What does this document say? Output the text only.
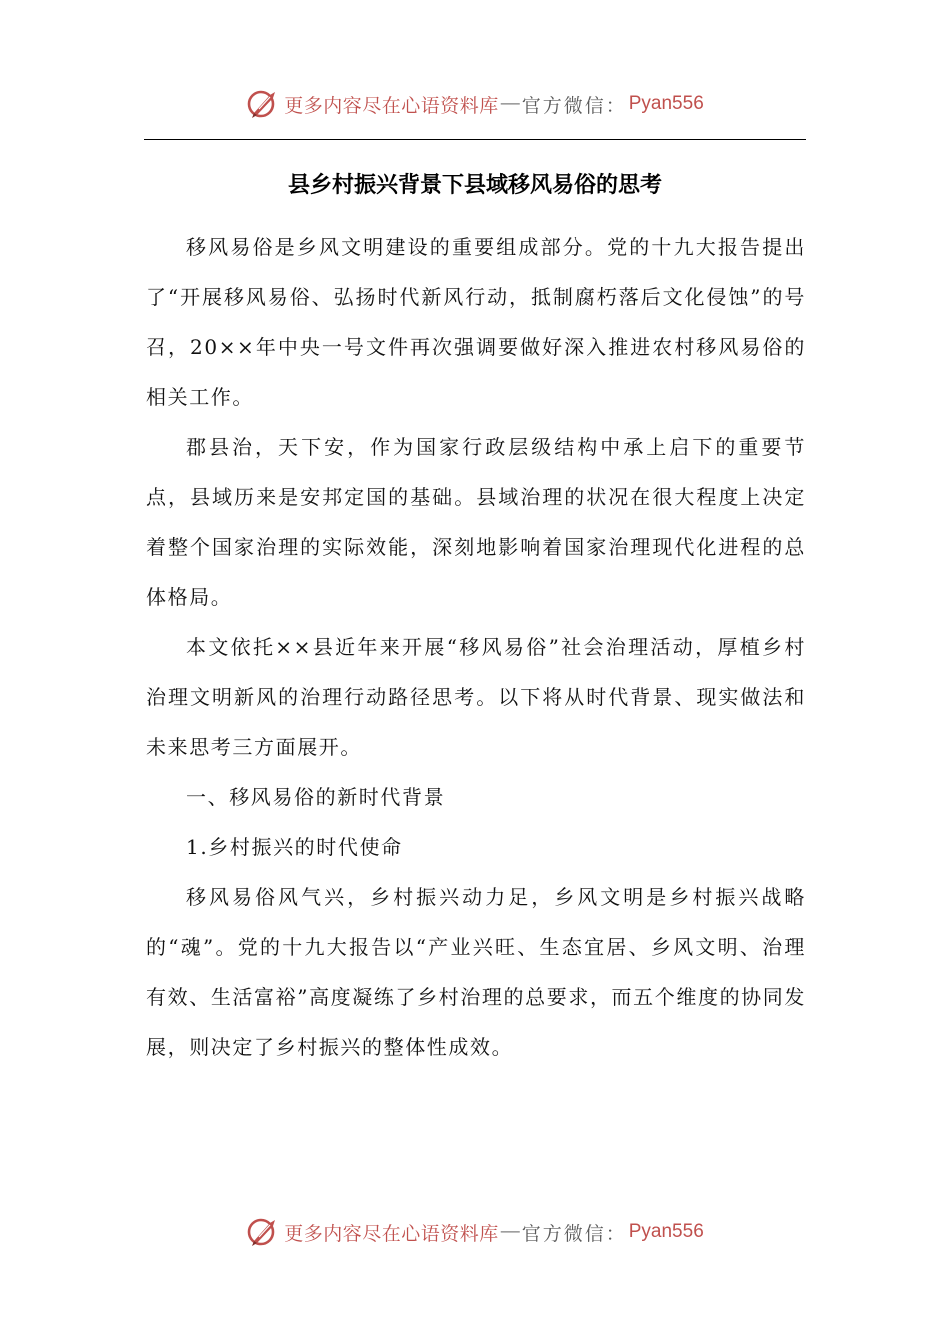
更多内容尽在心语资料库 — 官方微信： Pyan556
县乡村振兴背景下县域移风易俗的思考

移风易俗是乡风文明建设的重要组成部分。党的十九大报告提出了“开展移风易俗、弘扬时代新风行动，抵制腐朽落后文化侵蚀”的号召，20××年中央一号文件再次强调要做好深入推进农村移风易俗的相关工作。

郡县治，天下安，作为国家行政层级结构中承上启下的重要节点，县域历来是安邦定国的基础。县域治理的状况在很大程度上决定着整个国家治理的实际效能，深刻地影响着国家治理现代化进程的总体格局。

本文依托××县近年来开展“移风易俗”社会治理活动，厚植乡村治理文明新风的治理行动路径思考。以下将从时代背景、现实做法和未来思考三方面展开。

一、移风易俗的新时代背景

1.乡村振兴的时代使命

移风易俗风气兴，乡村振兴动力足，乡风文明是乡村振兴战略的“魂”。党的十九大报告以“产业兴旺、生态宜居、乡风文明、治理有效、生活富裕”高度凝练了乡村治理的总要求，而五个维度的协同发展，则决定了乡村振兴的整体性成效。

更多内容尽在心语资料库 — 官方微信： Pyan556
